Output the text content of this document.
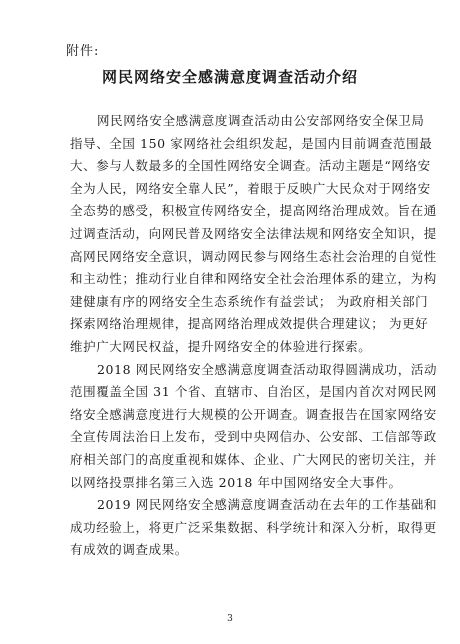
附件:
网民网络安全感满意度调查活动介绍
网民网络安全感满意度调查活动由公安部网络安全保卫局
指导、全国 150 家网络社会组织发起，是国内目前调查范围最
大、参与人数最多的全国性网络安全调查。活动主题是“网络安
全为人民，网络安全靠人民”，着眼于反映广大民众对于网络安
全态势的感受，积极宣传网络安全，提高网络治理成效。旨在通
过调查活动，向网民普及网络安全法律法规和网络安全知识，提
高网民网络安全意识，调动网民参与网络生态社会治理的自觉性
和主动性；推动行业自律和网络安全社会治理体系的建立，为构
建健康有序的网络安全生态系统作有益尝试； 为政府相关部门
探索网络治理规律，提高网络治理成效提供合理建议； 为更好
维护广大网民权益，提升网络安全的体验进行探索。
2018 网民网络安全感满意度调查活动取得圆满成功，活动
范围覆盖全国 31 个省、直辖市、自治区，是国内首次对网民网
络安全感满意度进行大规模的公开调查。调查报告在国家网络安
全宣传周法治日上发布，受到中央网信办、公安部、工信部等政
府相关部门的高度重视和媒体、企业、广大网民的密切关注，并
以网络投票排名第三入选 2018 年中国网络安全大事件。
2019 网民网络安全感满意度调查活动在去年的工作基础和
成功经验上，将更广泛采集数据、科学统计和深入分析，取得更
有成效的调查成果。
3
